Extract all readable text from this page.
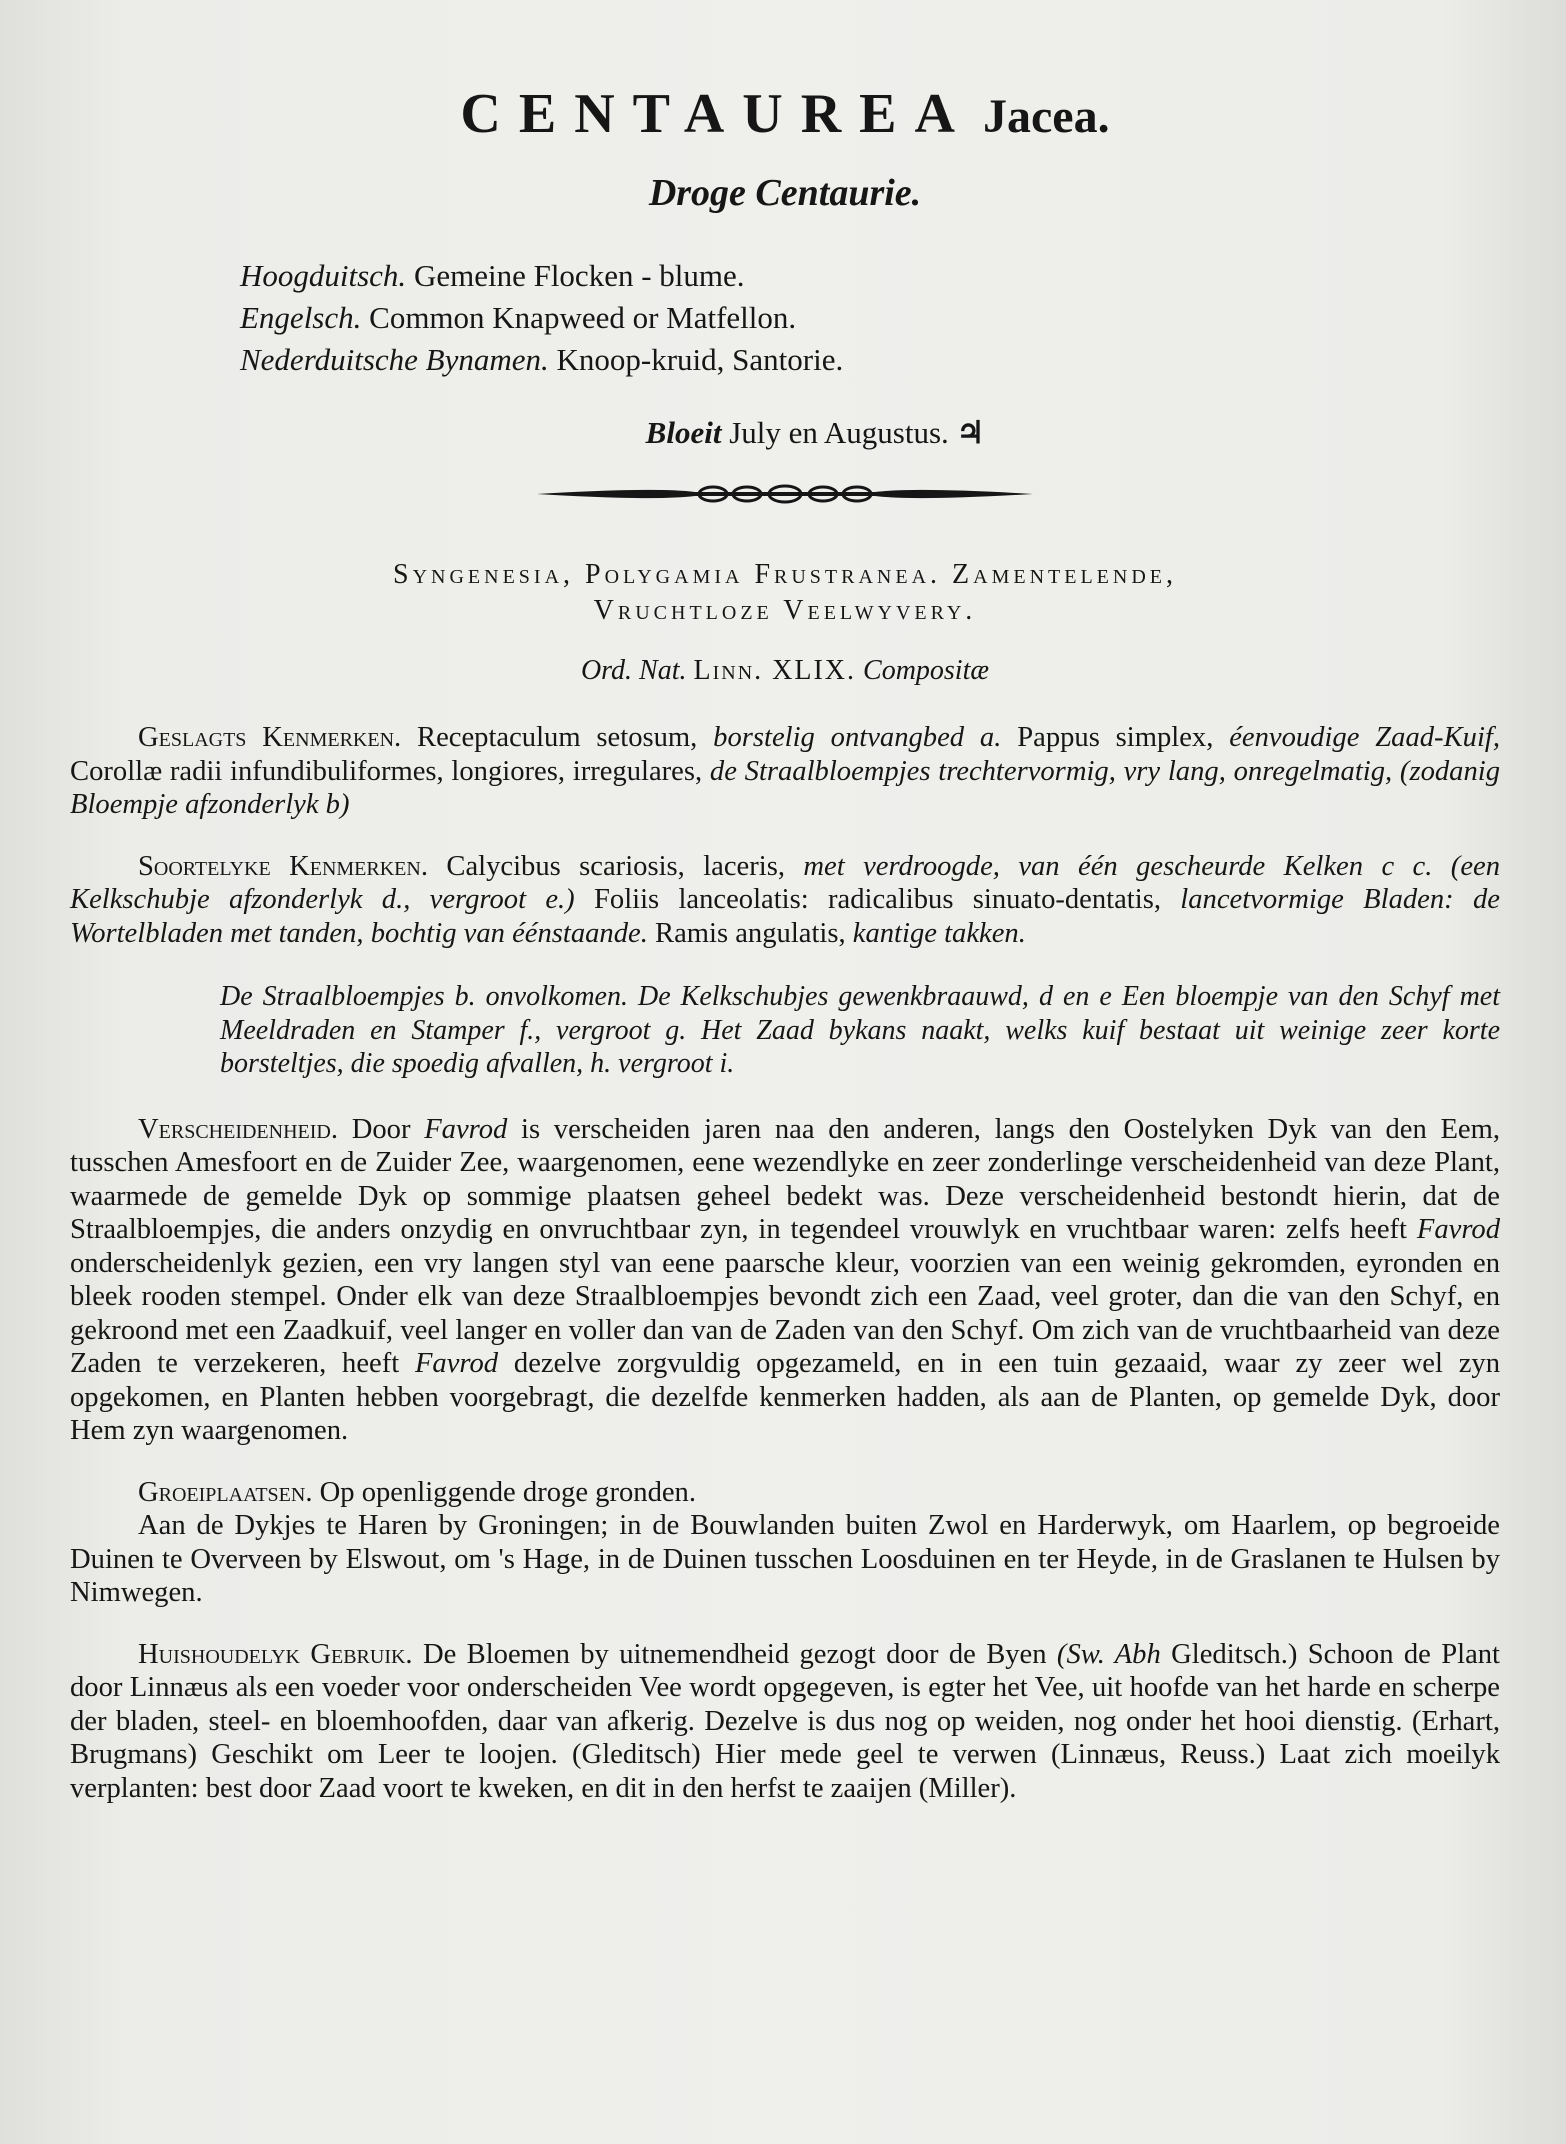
CENTAUREA Jacea.
Droge Centaurie.
Hoogduitsch. Gemeine Flocken - blume.
Engelsch. Common Knapweed or Matfellon.
Nederduitsche Bynamen. Knoop-kruid, Santorie.
Bloeit July en Augustus. ♃
Syngenesia, Polygamia Frustranea. Zamentelende,
Vruchtloze Veelwyvery.
Ord. Nat. Linn. XLIX. Compositæ

Geslagts Kenmerken. Receptaculum setosum, borstelig ontvangbed a. Pappus simplex, éenvoudige Zaad-Kuif, Corollæ radii infundibuliformes, longiores, irregulares, de Straalbloempjes trechtervormig, vry lang, onregelmatig, (zodanig Bloempje afzonderlyk b)

Soortelyke Kenmerken. Calycibus scariosis, laceris, met verdroogde, van één gescheurde Kelken c c. (een Kelkschubje afzonderlyk d., vergroot e.) Foliis lanceolatis: radicalibus sinuato-dentatis, lancetvormige Bladen: de Wortelbladen met tanden, bochtig van éénstaande. Ramis angulatis, kantige takken.

De Straalbloempjes b. onvolkomen. De Kelkschubjes gewenkbraauwd, d en e Een bloempje van den Schyf met Meeldraden en Stamper f., vergroot g. Het Zaad bykans naakt, welks kuif bestaat uit weinige zeer korte borsteltjes, die spoedig afvallen, h. vergroot i.

Verscheidenheid. Door Favrod is verscheiden jaren naa den anderen, langs den Oostelyken Dyk van den Eem, tusschen Amesfoort en de Zuider Zee, waargenomen, eene wezendlyke en zeer zonderlinge verscheidenheid van deze Plant, waarmede de gemelde Dyk op sommige plaatsen geheel bedekt was. Deze verscheidenheid bestondt hierin, dat de Straalbloempjes, die anders onzydig en onvruchtbaar zyn, in tegendeel vrouwlyk en vruchtbaar waren: zelfs heeft Favrod onderscheidenlyk gezien, een vry langen styl van eene paarsche kleur, voorzien van een weinig gekromden, eyronden en bleek rooden stempel. Onder elk van deze Straalbloempjes bevondt zich een Zaad, veel groter, dan die van den Schyf, en gekroond met een Zaadkuif, veel langer en voller dan van de Zaden van den Schyf. Om zich van de vruchtbaarheid van deze Zaden te verzekeren, heeft Favrod dezelve zorgvuldig opgezameld, en in een tuin gezaaid, waar zy zeer wel zyn opgekomen, en Planten hebben voorgebragt, die dezelfde kenmerken hadden, als aan de Planten, op gemelde Dyk, door Hem zyn waargenomen.

Groeiplaatsen. Op openliggende droge gronden.

Aan de Dykjes te Haren by Groningen; in de Bouwlanden buiten Zwol en Harderwyk, om Haarlem, op begroeide Duinen te Overveen by Elswout, om 's Hage, in de Duinen tusschen Loosduinen en ter Heyde, in de Graslanen te Hulsen by Nimwegen.

Huishoudelyk Gebruik. De Bloemen by uitnemendheid gezogt door de Byen (Sw. Abh Gleditsch.) Schoon de Plant door Linnæus als een voeder voor onderscheiden Vee wordt opgegeven, is egter het Vee, uit hoofde van het harde en scherpe der bladen, steel- en bloemhoofden, daar van afkerig. Dezelve is dus nog op weiden, nog onder het hooi dienstig. (Erhart, Brugmans) Geschikt om Leer te loojen. (Gleditsch) Hier mede geel te verwen (Linnæus, Reuss.) Laat zich moeilyk verplanten: best door Zaad voort te kweken, en dit in den herfst te zaaijen (Miller).
